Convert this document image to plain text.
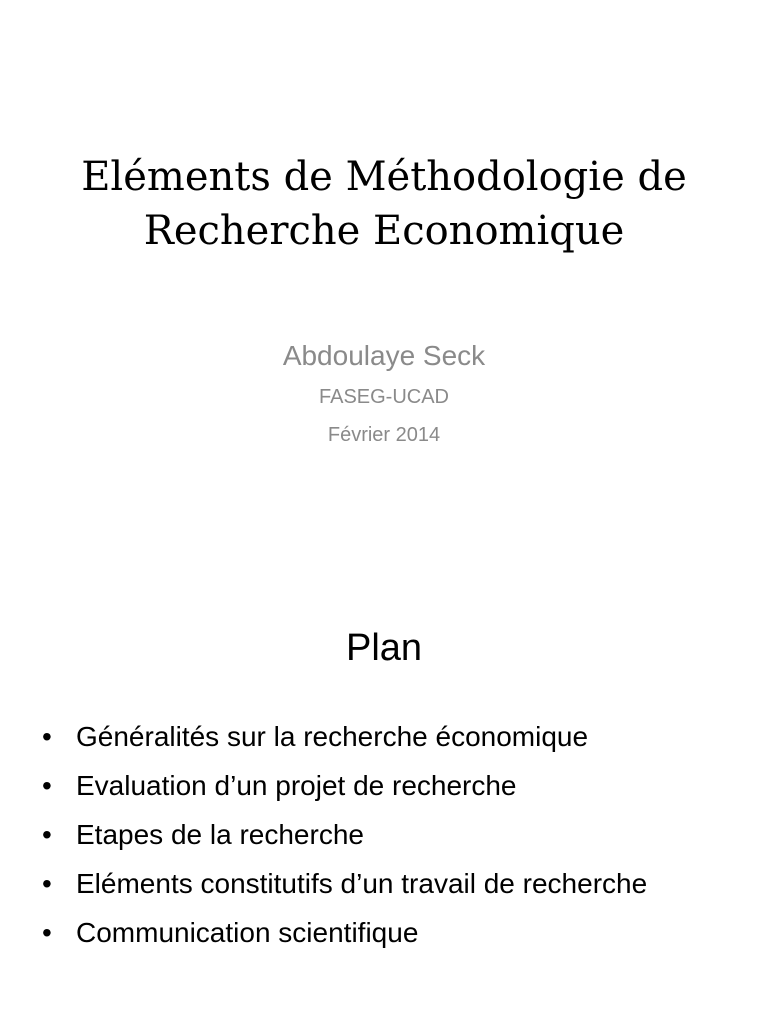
Eléments de Méthodologie de
Recherche Economique
Abdoulaye Seck
FASEG-UCAD
Février 2014
Plan
• Généralités sur la recherche économique
• Evaluation d’un projet de recherche
• Etapes de la recherche
• Eléments constitutifs d’un travail de recherche
• Communication scientifique
